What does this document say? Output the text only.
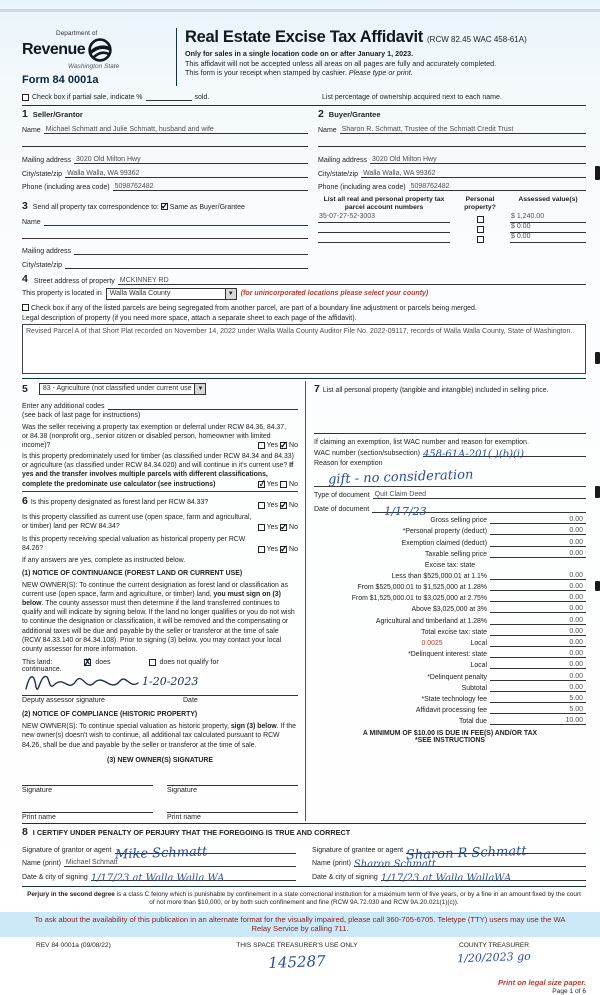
Department of
Revenue
Washington State
Form 84 0001a
Real Estate Excise Tax Affidavit (RCW 82.45 WAC 458-61A)
Only for sales in a single location code on or after January 1, 2023.
This affidavit will not be accepted unless all areas on all pages are fully and accurately completed.
This form is your receipt when stamped by cashier. Please type or print.
Check box if partial sale, indicate %	sold.	List percentage of ownership acquired next to each name.
1 Seller/Grantor
Name Michael Schmatt and Julie Schmatt, husband and wife
Mailing address 3020 Old Milton Hwy
City/state/zip Walla Walla, WA 99362
Phone (including area code) 5098762482
3 Send all property tax correspondence to: ✓ Same as Buyer/Grantee
Name
Mailing address
City/state/zip
2 Buyer/Grantee
Name Sharon R. Schmatt, Trustee of the Schmatt Credit Trust
Mailing address 3020 Old Milton Hwy
City/state/zip Walla Walla, WA 99362
Phone (including area code) 5098762482
List all real and personal property tax parcel account numbers
Personal property?
Assessed value(s)
35-07-27-52-3003	$ 1,240.00
$ 0.00
$ 0.00
4 Street address of property MCKINNEY RD
This property is located in	Walla Walla County	▼ (for unincorporated locations please select your county)
Check box if any of the listed parcels are being segregated from another parcel, are part of a boundary line adjustment or parcels being merged.
Legal description of property (if you need more space, attach a separate sheet to each page of the affidavit).
Revised Parcel A of that Short Plat recorded on November 14, 2022 under Walla Walla County Auditor File No. 2022-09117, records of Walla Walla County, State of Washington.
5	83 - Agriculture (not classified under current use	▼
Enter any additional codes
(see back of last page for instructions)
Was the seller receiving a property tax exemption or deferral under RCW 84.36, 84.37, or 84.38 (nonprofit org., senior citizen or disabled person, homeowner with limited income)?	Yes ✓ No
Is this property predominately used for timber (as classified under RCW 84.34 and 84.33) or agriculture (as classified under RCW 84.34.020) and will continue in it's current use? If yes and the transfer involves multiple parcels with different classifications, complete the predominate use calculator (see instructions) ✓	Yes No
6 Is this property designated as forest land per RCW 84.33?	Yes ✓ No
Is this property classified as current use (open space, farm and agricultural, or timber) land per RCW 84.34?	Yes ✓ No
Is this property receiving special valuation as historical property per RCW 84.26?	Yes ✓ No

If any answers are yes, complete as instructed below.

(1) NOTICE OF CONTINUANCE (FOREST LAND OR CURRENT USE)

NEW OWNER(S): To continue the current designation as forest land or classification as current use (open space, farm and agriculture, or timber) land, you must sign on (3) below. The county assessor must then determine if the land transferred continues to qualify and will indicate by signing below. If the land no longer qualifies or you do not wish to continue the designation or classification, it will be removed and the compensating or additional taxes will be due and payable by the seller or transferor at the time of sale (RCW 84.33.140 or 84.34.108). Prior to signing (3) below, you may contact your local county assessor for more information.

This land: ✗	does	does not qualify for
continuance.
1-20-2023
Deputy assessor signature	Date

(2) NOTICE OF COMPLIANCE (HISTORIC PROPERTY)

NEW OWNER(S): To continue special valuation as historic property, sign (3) below. If the new owner(s) doesn't wish to continue, all additional tax calculated pursuant to RCW 84.26, shall be due and payable by the seller or transferor at the time of sale.

(3) NEW OWNER(S) SIGNATURE

Signature
Print name
Signature
Print name
7 List all personal property (tangible and intangible) included in selling price.
If claiming an exemption, list WAC number and reason for exemption.
WAC number (section/subsection) 458-61A-201( )(b)(i)
Reason for exemption
gift - no consideration
Type of document Quit Claim Deed
Date of document	1/17/23
Gross selling price	0.00
*Personal property (deduct)	0.00
Exemption claimed (deduct)	0.00
Taxable selling price	0.00
Excise tax: state
Less than $525,000.01 at 1.1%	0.00
From $525,000.01 to $1,525,000 at 1.28%	0.00
From $1,525,000.01 to $3,025,000 at 2.75%	0.00
Above $3,025,000 at 3%	0.00
Agricultural and timberland at 1.28%	0.00
Total excise tax: state	0.00
0.0025	Local	0.00
*Delinquent interest: state	0.00
Local	0.00
*Delinquent penalty	0.00
Subtotal	0.00
*State technology fee	5.00
Affidavit processing fee	5.00
Total due	10.00
A MINIMUM OF $10.00 IS DUE IN FEE(S) AND/OR TAX
*SEE INSTRUCTIONS
8 I CERTIFY UNDER PENALTY OF PERJURY THAT THE FOREGOING IS TRUE AND CORRECT
Signature of grantor or agent Mike Schmatt
Name (print) Michael Schmatt
Date & city of signing 1/17/23 at Walla Walla WA
Signature of grantee or agent Sharon R Schmatt
Name (print) Sharon Schmatt
Date & city of signing 1/17/23 at Walla WallaWA
Perjury in the second degree is a class C felony which is punishable by confinement in a state correctional institution for a maximum term of five years, or by a fine in an amount fixed by the court of not more than $10,000, or by both such confinement and fine (RCW 9A.72.030 and RCW 9A.20.021(1)(c)).
To ask about the availability of this publication in an alternate format for the visually impaired, please call 360-705-6705. Teletype (TTY) users may use the WA Relay Service by calling 711.
REV 84 0001a (09/08/22)	THIS SPACE TREASURER'S USE ONLY
145287
COUNTY TREASURER
1/20/2023 go
Print on legal size paper.
Page 1 of 6
